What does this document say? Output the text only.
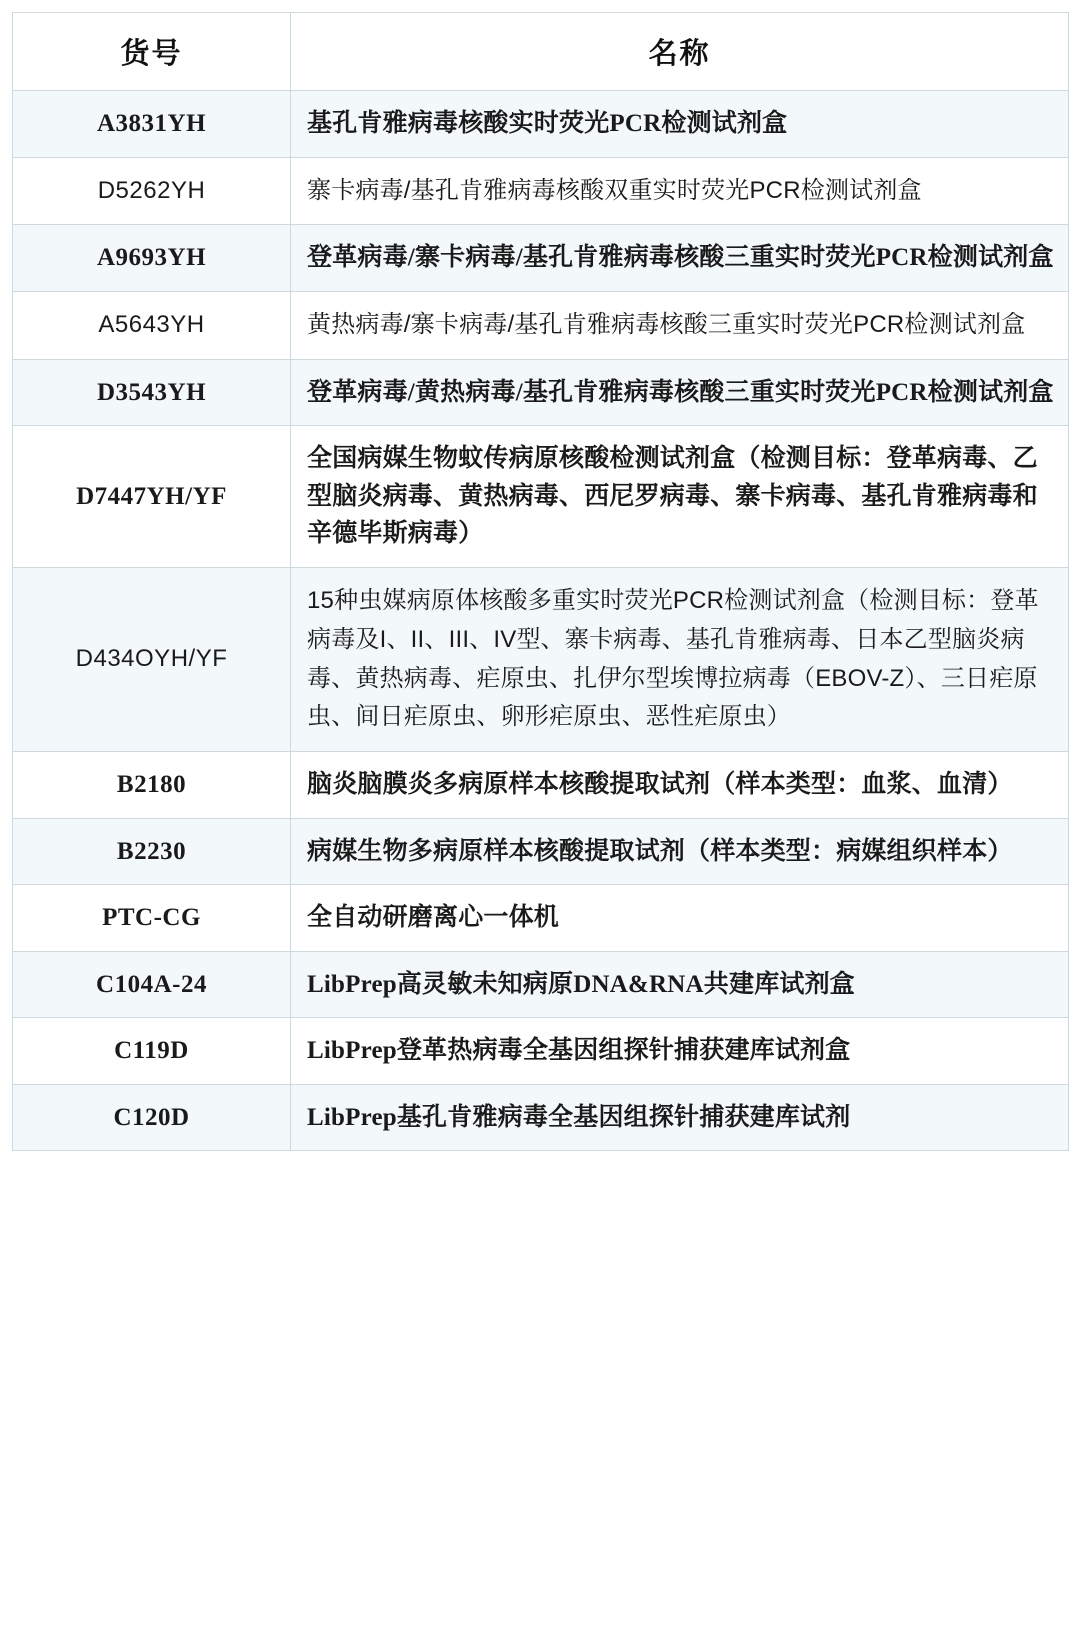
货号	名称
A3831YH	基孔肯雅病毒核酸实时荧光PCR检测试剂盒
D5262YH	寨卡病毒/基孔肯雅病毒核酸双重实时荧光PCR检测试剂盒
A9693YH	登革病毒/寨卡病毒/基孔肯雅病毒核酸三重实时荧光PCR检测试剂盒
A5643YH	黄热病毒/寨卡病毒/基孔肯雅病毒核酸三重实时荧光PCR检测试剂盒
D3543YH	登革病毒/黄热病毒/基孔肯雅病毒核酸三重实时荧光PCR检测试剂盒
D7447YH/YF	全国病媒生物蚊传病原核酸检测试剂盒（检测目标：登革病毒、乙型脑炎病毒、黄热病毒、西尼罗病毒、寨卡病毒、基孔肯雅病毒和辛德毕斯病毒）
D434OYH/YF	15种虫媒病原体核酸多重实时荧光PCR检测试剂盒（检测目标：登革病毒及I、II、III、IV型、寨卡病毒、基孔肯雅病毒、日本乙型脑炎病毒、黄热病毒、疟原虫、扎伊尔型埃博拉病毒（EBOV-Z）、三日疟原虫、间日疟原虫、卵形疟原虫、恶性疟原虫）
B2180	脑炎脑膜炎多病原样本核酸提取试剂（样本类型：血浆、血清）
B2230	病媒生物多病原样本核酸提取试剂（样本类型：病媒组织样本）
PTC-CG	全自动研磨离心一体机
C104A-24	LibPrep高灵敏未知病原DNA&RNA共建库试剂盒
C119D	LibPrep登革热病毒全基因组探针捕获建库试剂盒
C120D	LibPrep基孔肯雅病毒全基因组探针捕获建库试剂
